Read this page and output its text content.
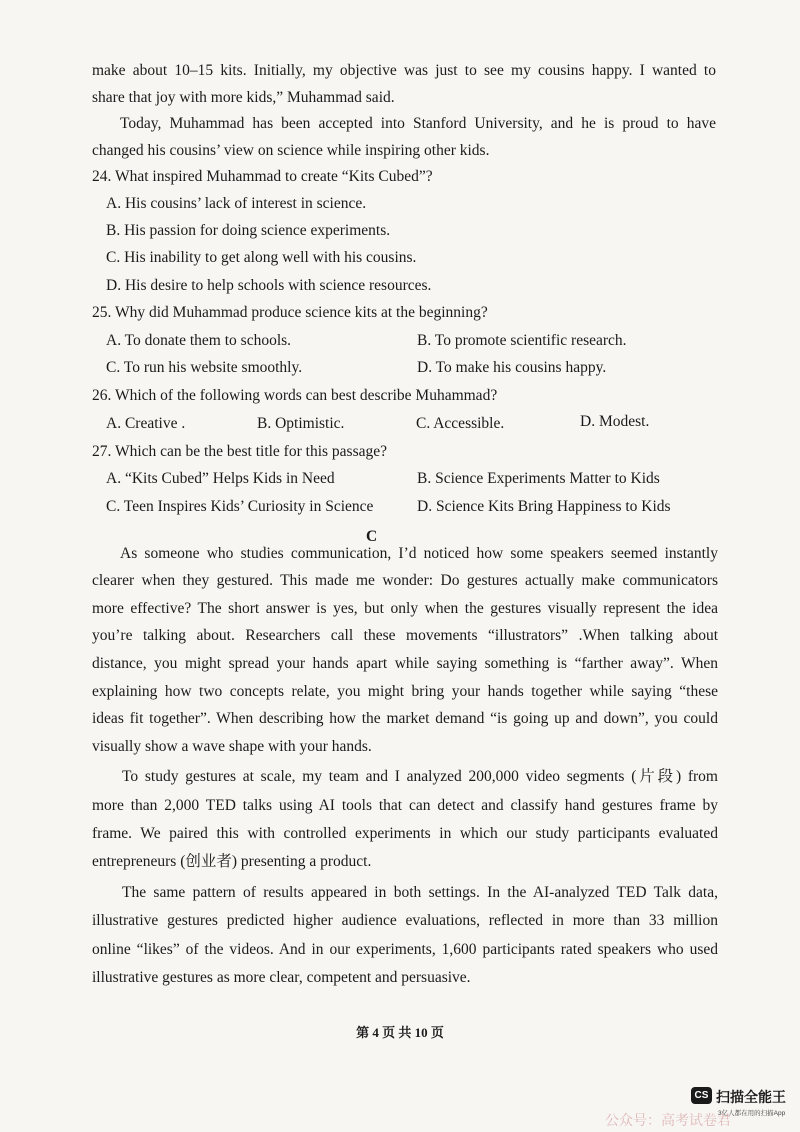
make about 10–15 kits. Initially, my objective was just to see my cousins happy. I wanted to
share that joy with more kids,” Muhammad said.
Today, Muhammad has been accepted into Stanford University, and he is proud to have
changed his cousins’ view on science while inspiring other kids.
24. What inspired Muhammad to create “Kits Cubed”?
A. His cousins’ lack of interest in science.
B. His passion for doing science experiments.
C. His inability to get along well with his cousins.
D. His desire to help schools with science resources.
25. Why did Muhammad produce science kits at the beginning?
A. To donate them to schools.	B. To promote scientific research.
C. To run his website smoothly.	D. To make his cousins happy.
26. Which of the following words can best describe Muhammad?
A. Creative .	B. Optimistic.	C. Accessible.	D. Modest.
27. Which can be the best title for this passage?
A. “Kits Cubed” Helps Kids in Need	B. Science Experiments Matter to Kids
C. Teen Inspires Kids’ Curiosity in Science	D. Science Kits Bring Happiness to Kids
C
As someone who studies communication, I’d noticed how some speakers seemed instantly
clearer when they gestured. This made me wonder: Do gestures actually make communicators
more effective? The short answer is yes, but only when the gestures visually represent the idea
you’re talking about. Researchers call these movements “illustrators” .When talking about
distance, you might spread your hands apart while saying something is “farther away”. When
explaining how two concepts relate, you might bring your hands together while saying “these
ideas fit together”. When describing how the market demand “is going up and down”, you could
visually show a wave shape with your hands.
To study gestures at scale, my team and I analyzed 200,000 video segments (片段) from
more than 2,000 TED talks using AI tools that can detect and classify hand gestures frame by
frame. We paired this with controlled experiments in which our study participants evaluated
entrepreneurs (创业者) presenting a product.
The same pattern of results appeared in both settings. In the AI-analyzed TED Talk data,
illustrative gestures predicted higher audience evaluations, reflected in more than 33 million
online “likes” of the videos. And in our experiments, 1,600 participants rated speakers who used
illustrative gestures as more clear, competent and persuasive.
第 4 页 共 10 页
CS 扫描全能王
3亿人都在用的扫描App
公众号：高考试卷君
